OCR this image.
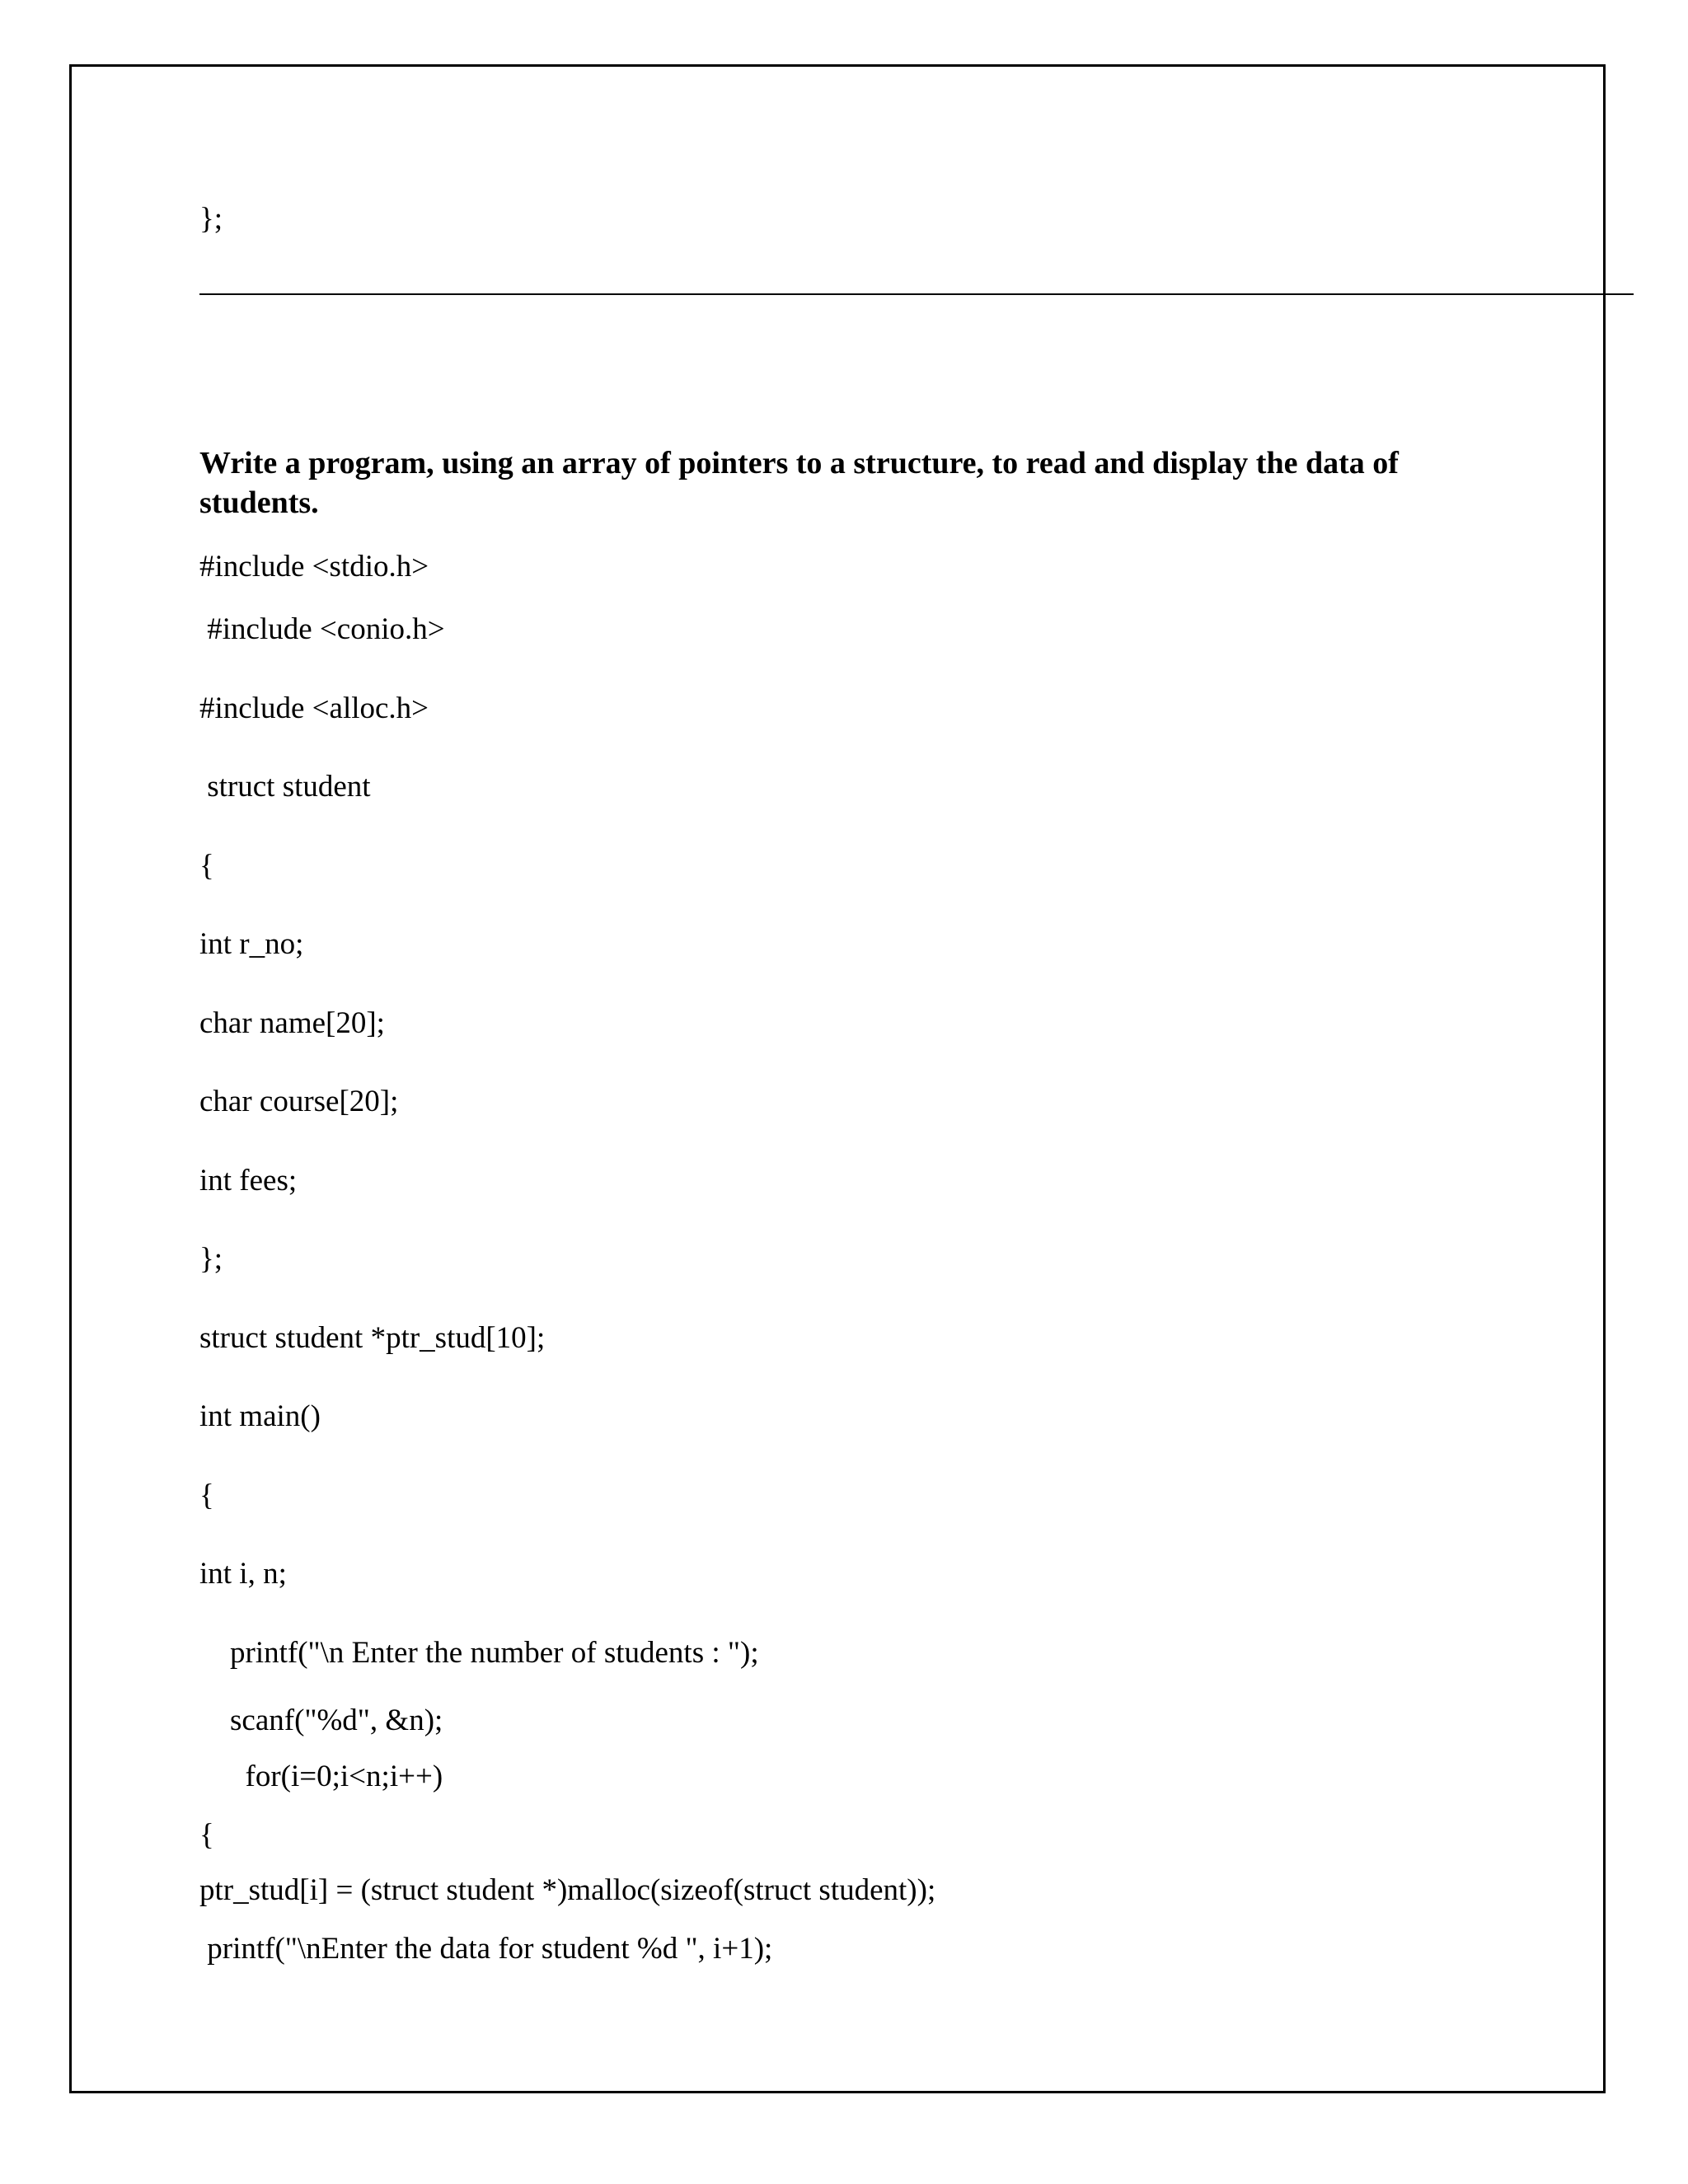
};
Write a program, using an array of pointers to a structure, to read and display the data of students.
#include <stdio.h>
#include <conio.h>
#include <alloc.h>
struct student
{
int r_no;
char name[20];
char course[20];
int fees;
};
struct student *ptr_stud[10];
int main()
{
int i, n;
printf("\n Enter the number of students : ");
scanf("%d", &n);
for(i=0;i<n;i++)
{
ptr_stud[i] = (struct student *)malloc(sizeof(struct student));
printf("\nEnter the data for student %d ", i+1);
